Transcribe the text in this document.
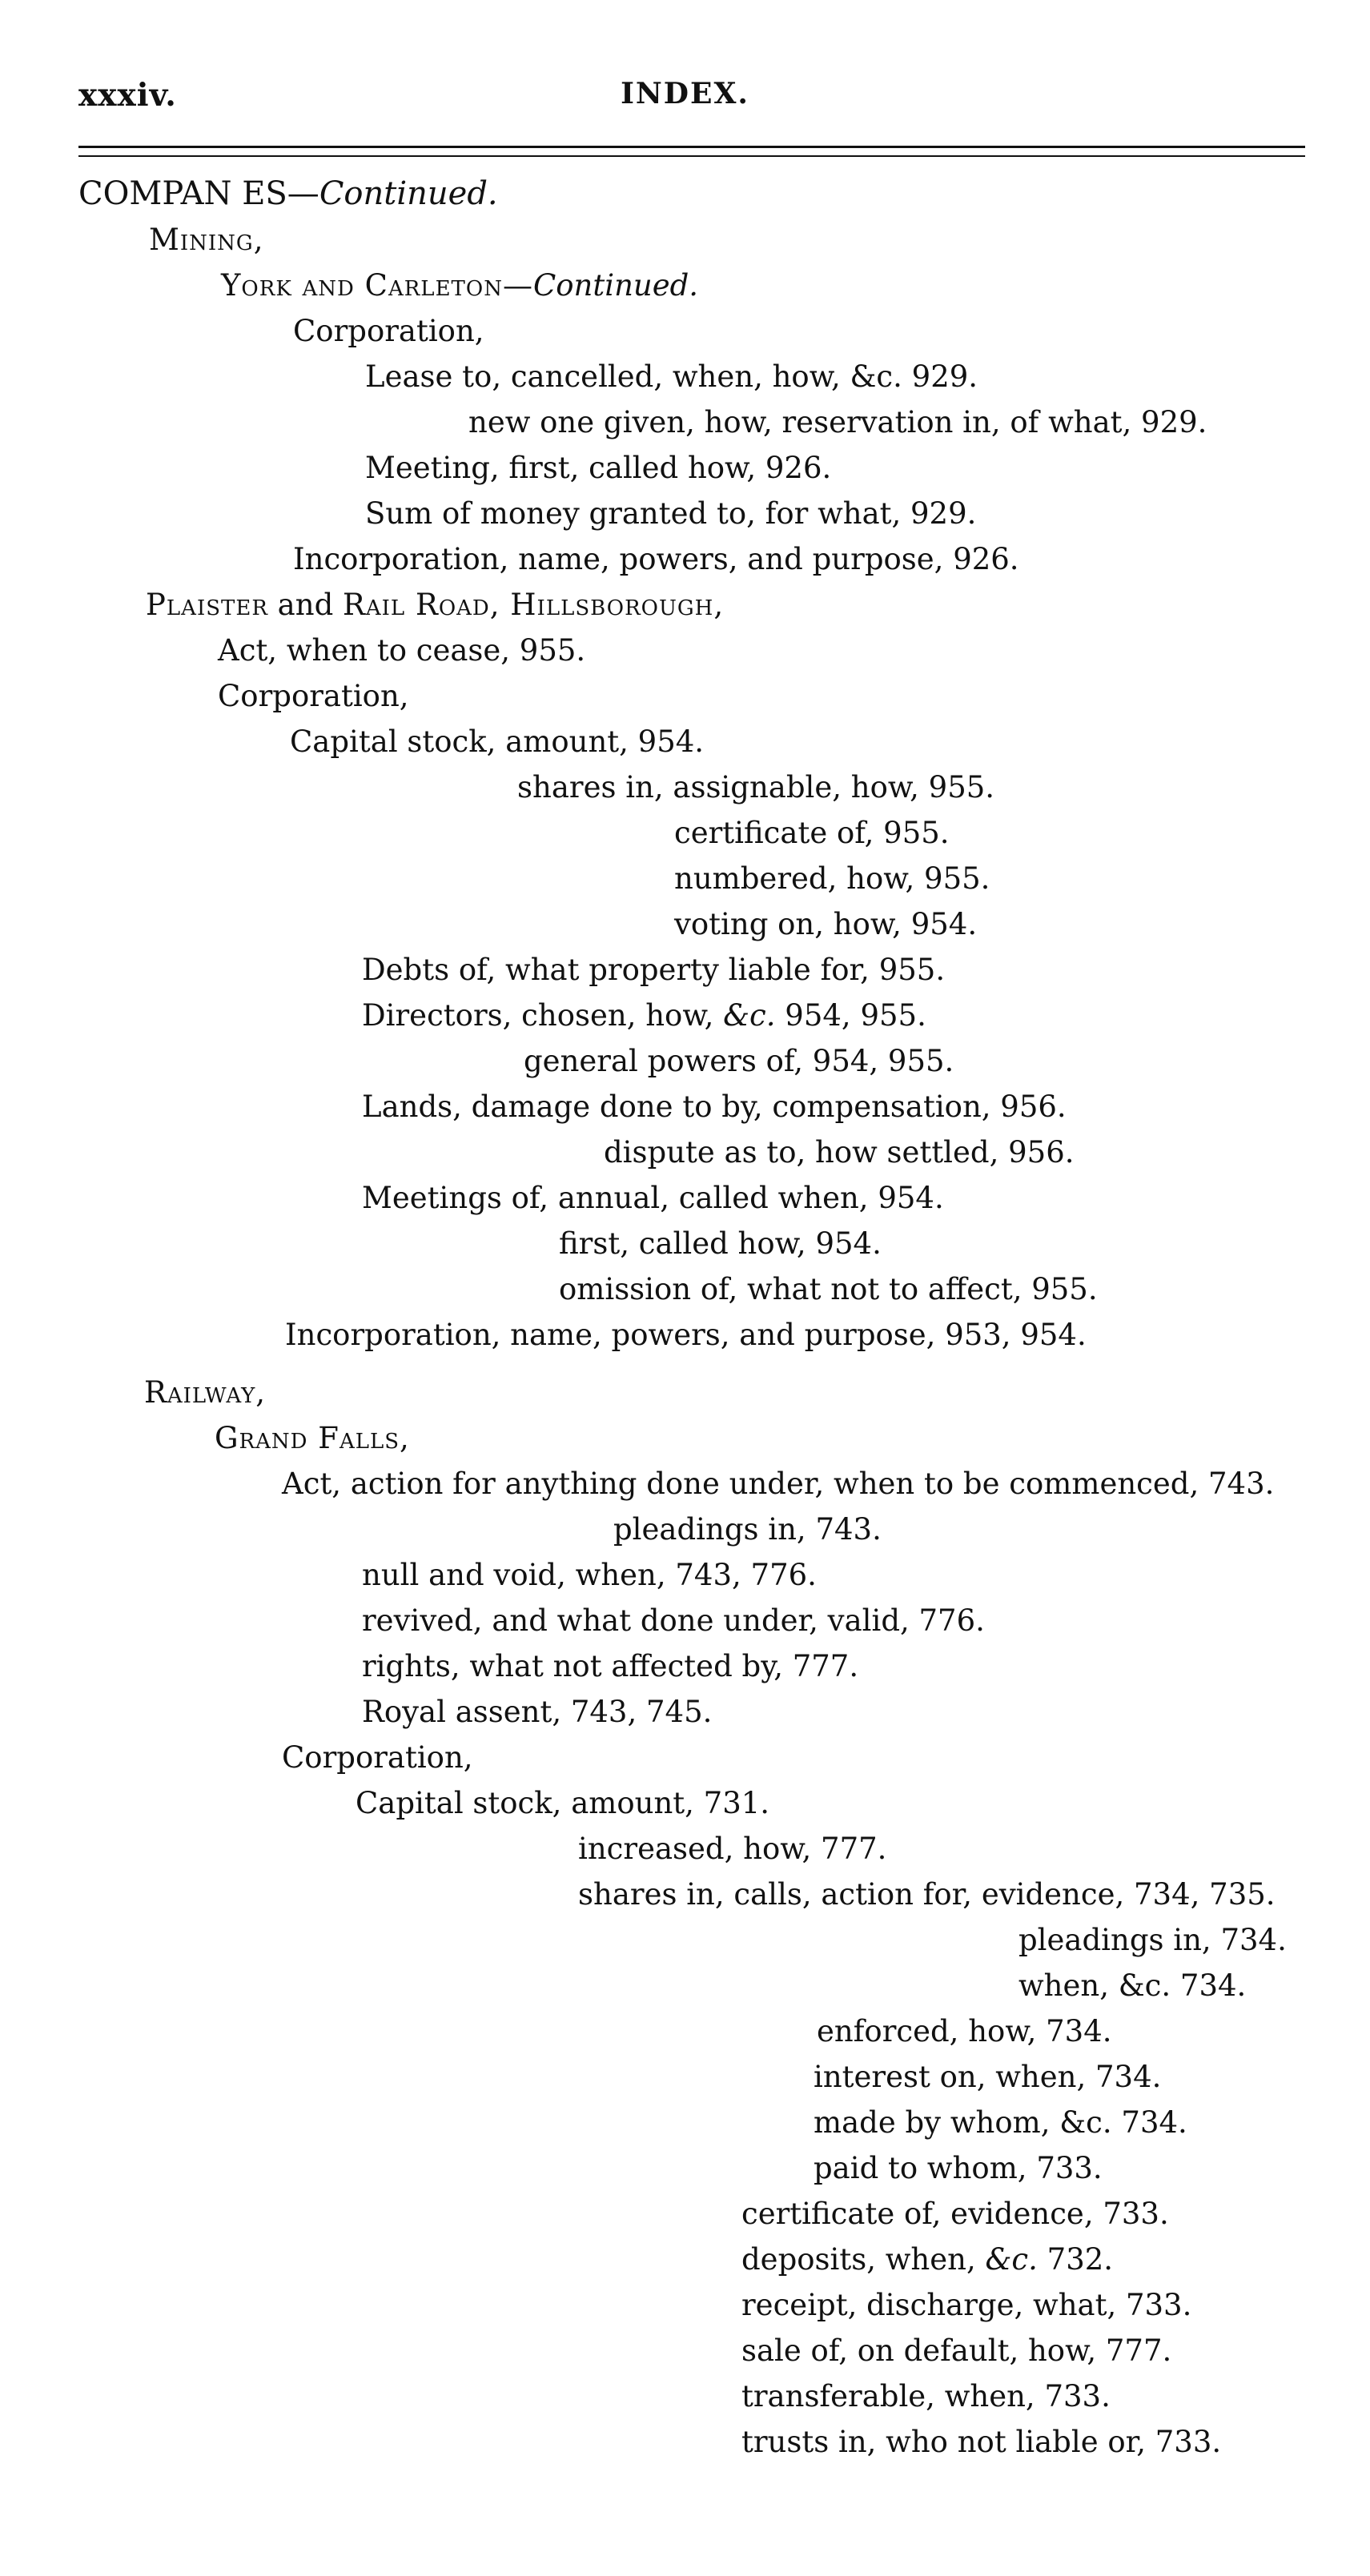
xxxiv.	INDEX.
COMPAN ES—Continued.
Mining,
York and Carleton—Continued.
Corporation,
Lease to, cancelled, when, how, &c. 929.
new one given, how, reservation in, of what, 929.
Meeting, first, called how, 926.
Sum of money granted to, for what, 929.
Incorporation, name, powers, and purpose, 926.
Plaister and Rail Road, Hillsborough,
Act, when to cease, 955.
Corporation,
Capital stock, amount, 954.
shares in, assignable, how, 955.
certificate of, 955.
numbered, how, 955.
voting on, how, 954.
Debts of, what property liable for, 955.
Directors, chosen, how, &c. 954, 955.
general powers of, 954, 955.
Lands, damage done to by, compensation, 956.
dispute as to, how settled, 956.
Meetings of, annual, called when, 954.
first, called how, 954.
omission of, what not to affect, 955.
Incorporation, name, powers, and purpose, 953, 954.
Railway,
Grand Falls,
Act, action for anything done under, when to be commenced, 743.
pleadings in, 743.
null and void, when, 743, 776.
revived, and what done under, valid, 776.
rights, what not affected by, 777.
Royal assent, 743, 745.
Corporation,
Capital stock, amount, 731.
increased, how, 777.
shares in, calls, action for, evidence, 734, 735.
pleadings in, 734.
when, &c. 734.
enforced, how, 734.
interest on, when, 734.
made by whom, &c. 734.
paid to whom, 733.
certificate of, evidence, 733.
deposits, when, &c. 732.
receipt, discharge, what, 733.
sale of, on default, how, 777.
transferable, when, 733.
trusts in, who not liable or, 733.
